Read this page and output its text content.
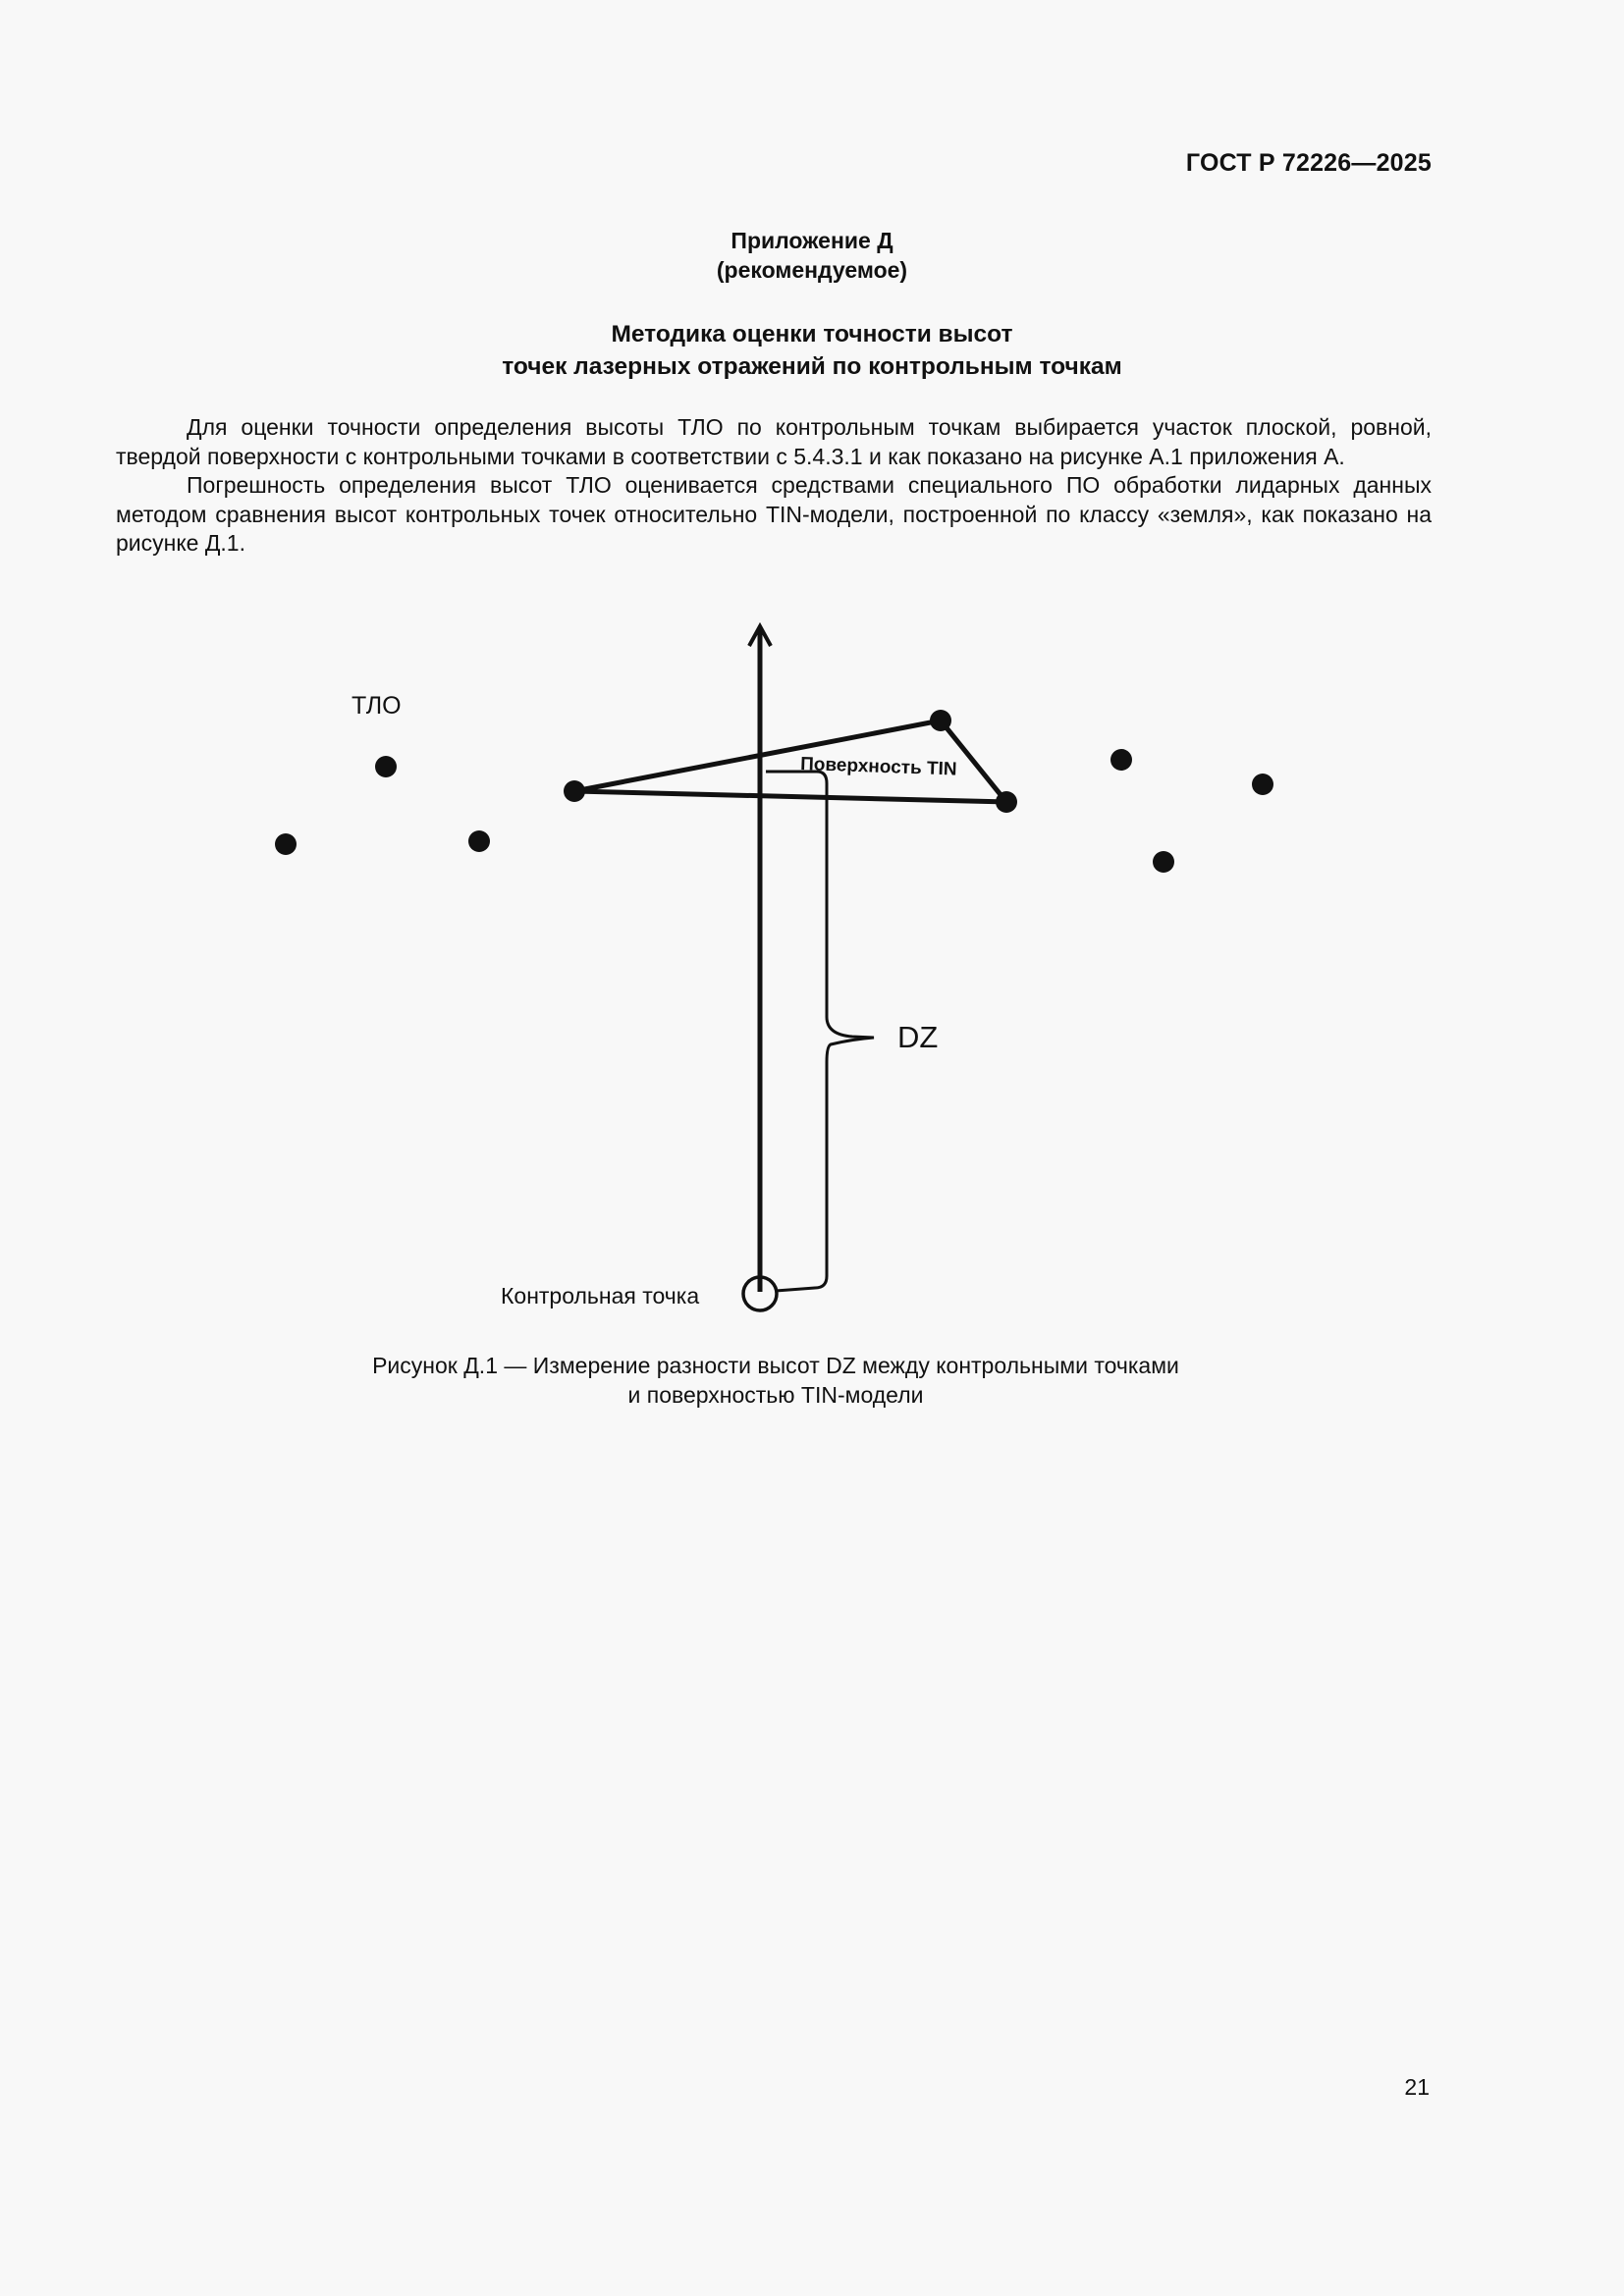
ГОСТ Р 72226—2025
Приложение Д
(рекомендуемое)
Методика оценки точности высот
точек лазерных отражений по контрольным точкам

Для оценки точности определения высоты ТЛО по контрольным точкам выбирается участок плоской, ровной, твердой поверхности с контрольными точками в соответствии с 5.4.3.1 и как показано на рисунке А.1 приложения А.

Погрешность определения высот ТЛО оценивается средствами специального ПО обработки лидарных данных методом сравнения высот контрольных точек относительно TIN-модели, построенной по классу «земля», как показано на рисунке Д.1.

ТЛО
Поверхность TIN
DZ
Контрольная точка
Рисунок Д.1 — Измерение разности высот DZ между контрольными точками
и поверхностью TIN-модели
21
